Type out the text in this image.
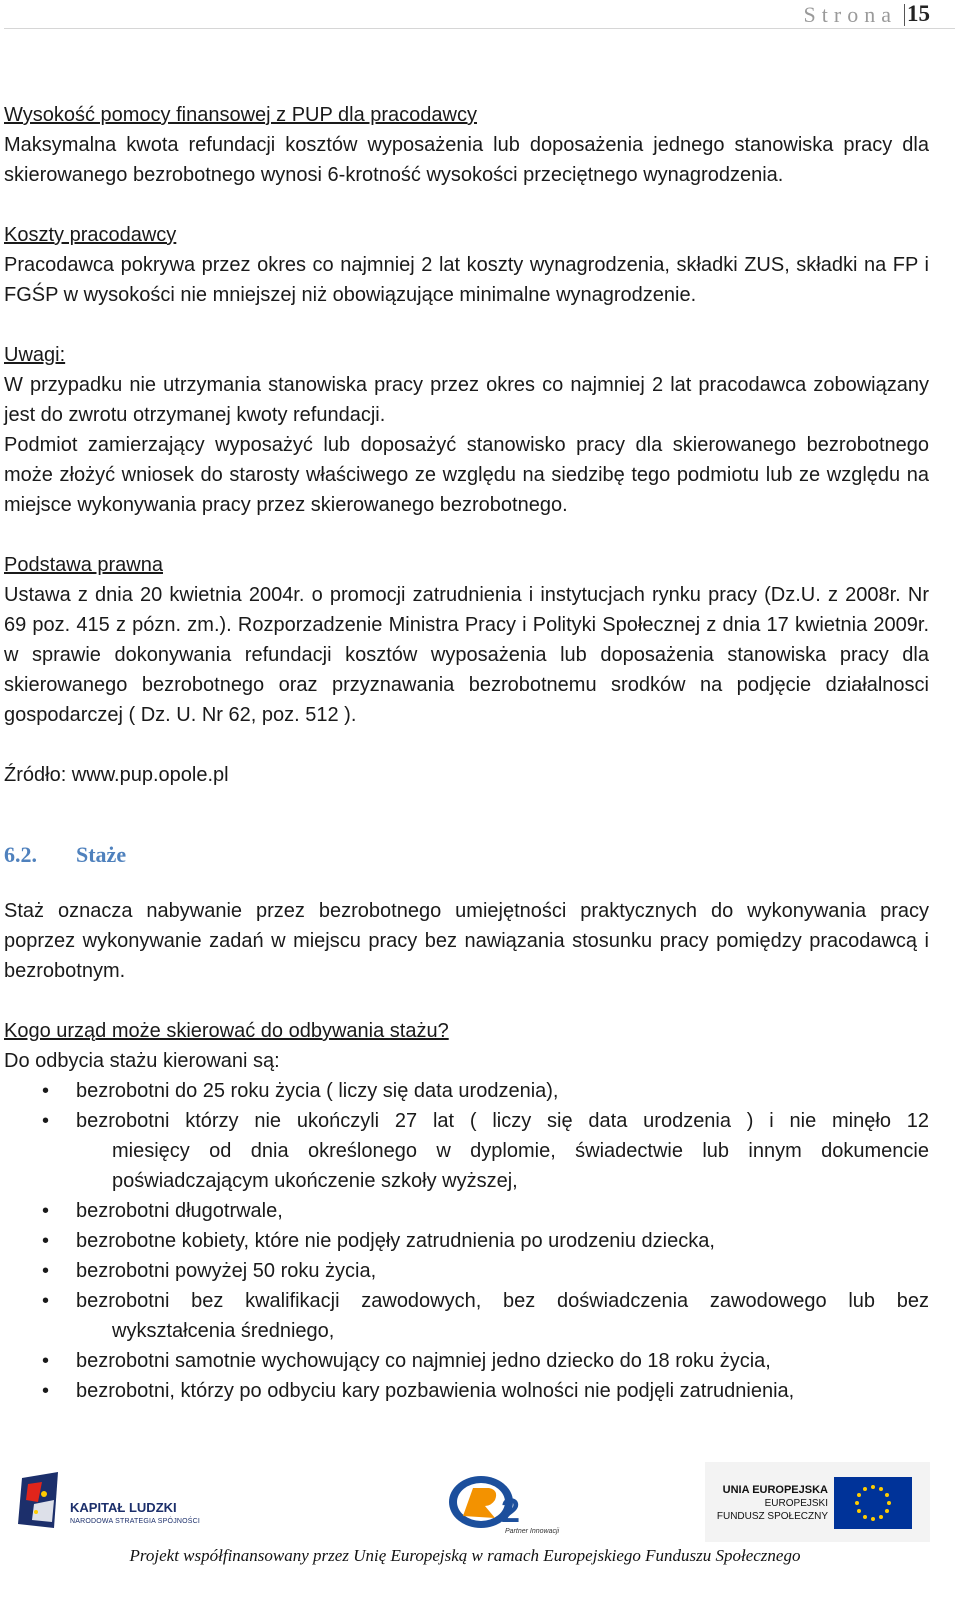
Strona 15

Wysokość pomocy finansowej z PUP dla pracodawcy

Maksymalna kwota refundacji kosztów wyposażenia lub doposażenia jednego stanowiska pracy dla skierowanego bezrobotnego wynosi 6-krotność wysokości przeciętnego wynagrodzenia.

Koszty pracodawcy

Pracodawca pokrywa przez okres co najmniej 2 lat koszty wynagrodzenia, składki ZUS, składki na FP i FGŚP w wysokości nie mniejszej niż obowiązujące minimalne wynagrodzenie.

Uwagi:

W przypadku nie utrzymania stanowiska pracy przez okres co najmniej 2 lat pracodawca zobowiązany jest do zwrotu otrzymanej kwoty refundacji.

Podmiot zamierzający wyposażyć lub doposażyć stanowisko pracy dla skierowanego bezrobotnego może złożyć wniosek do starosty właściwego ze względu na siedzibę tego podmiotu lub ze względu na miejsce wykonywania pracy przez skierowanego bezrobotnego.

Podstawa prawna

Ustawa z dnia 20 kwietnia 2004r. o promocji zatrudnienia i instytucjach rynku pracy (Dz.U. z 2008r. Nr 69 poz. 415 z pózn. zm.). Rozporzadzenie Ministra Pracy i Polityki Społecznej z dnia 17 kwietnia 2009r. w sprawie dokonywania refundacji kosztów wyposażenia lub doposażenia stanowiska pracy dla skierowanego bezrobotnego oraz przyznawania bezrobotnemu srodków na podjęcie działalnosci gospodarczej ( Dz. U. Nr 62, poz. 512 ).

Źródło: www.pup.opole.pl

6.2. Staże

Staż oznacza nabywanie przez bezrobotnego umiejętności praktycznych do wykonywania pracy poprzez wykonywanie zadań w miejscu pracy bez nawiązania stosunku pracy pomiędzy pracodawcą i bezrobotnym.

Kogo urząd może skierować do odbywania stażu?

Do odbycia stażu kierowani są:

• bezrobotni do 25 roku życia ( liczy się data urodzenia),
• bezrobotni którzy nie ukończyli 27 lat ( liczy się data urodzenia ) i nie minęło 12
miesięcy od dnia określonego w dyplomie, świadectwie lub innym dokumencie poświadczającym ukończenie szkoły wyższej,
• bezrobotni długotrwale,
• bezrobotne kobiety, które nie podjęły zatrudnienia po urodzeniu dziecka,
• bezrobotni powyżej 50 roku życia,
• bezrobotni bez kwalifikacji zawodowych, bez doświadczenia zawodowego lub bez
wykształcenia średniego,
• bezrobotni samotnie wychowujący co najmniej jedno dziecko do 18 roku życia,
• bezrobotni, którzy po odbyciu kary pozbawienia wolności nie podjęli zatrudnienia,
KAPITAŁ LUDZKI
NARODOWA STRATEGIA SPÓJNOŚCI	2
Partner Innowacji
UNIA EUROPEJSKA
EUROPEJSKI
FUNDUSZ SPOŁECZNY
Projekt współfinansowany przez Unię Europejską w ramach Europejskiego Funduszu Społecznego
